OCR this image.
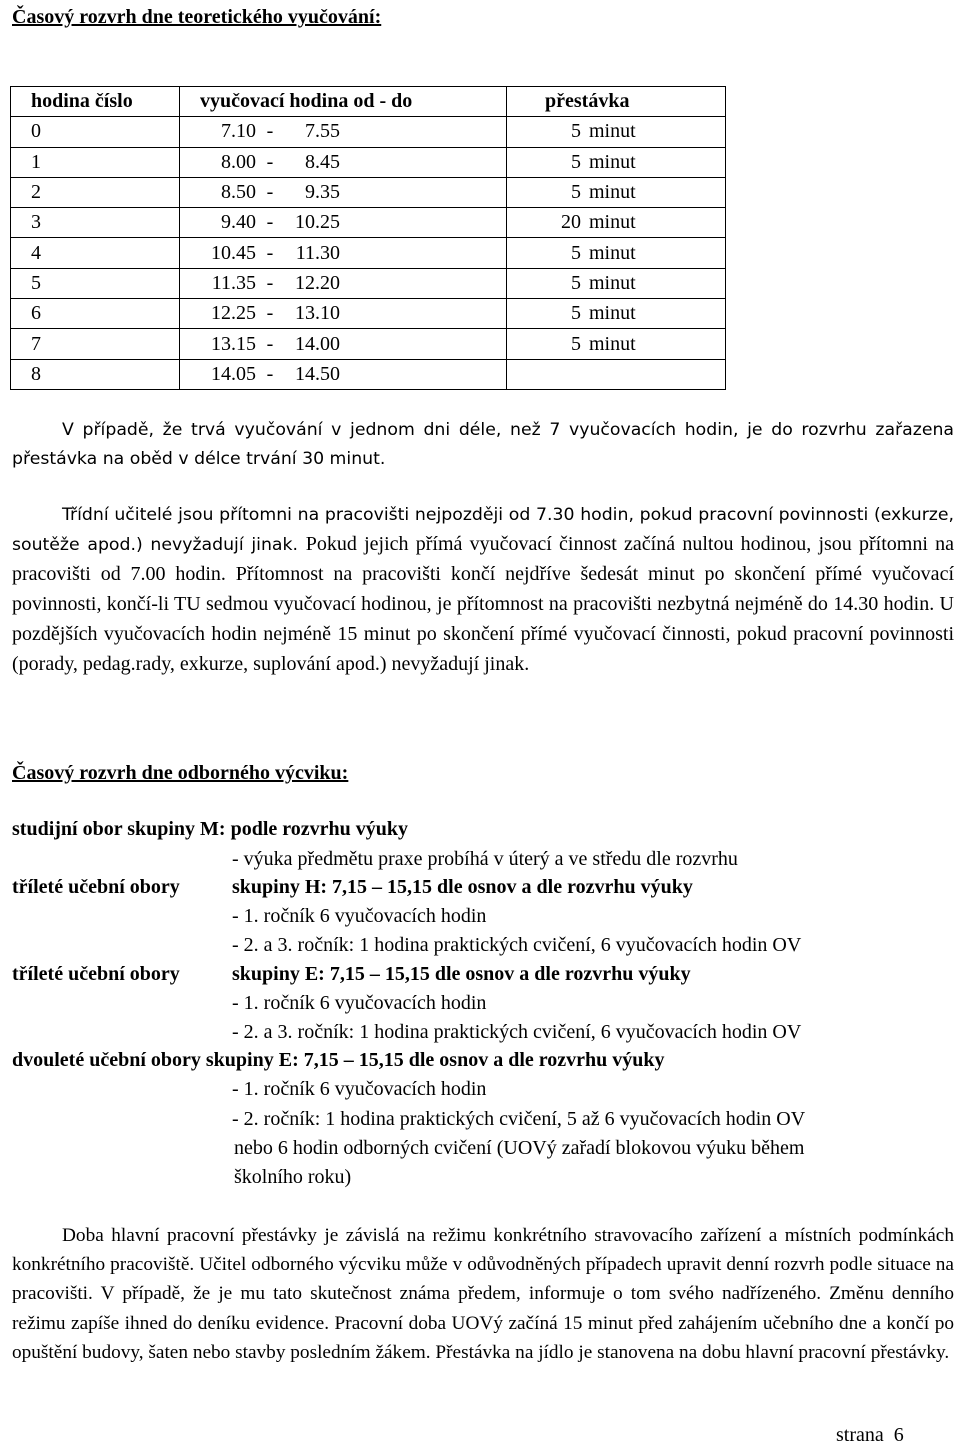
Časový rozvrh dne teoretického vyučování:
hodina číslo	vyučovací hodina od - do	přestávka
0	7.10 - 7.55	5 minut
1	8.00 - 8.45	5 minut
2	8.50 - 9.35	5 minut
3	9.40 - 10.25	20 minut
4	10.45 - 11.30	5 minut
5	11.35 - 12.20	5 minut
6	12.25 - 13.10	5 minut
7	13.15 - 14.00	5 minut
8	14.05 - 14.50	

V případě, že trvá vyučování v jednom dni déle, než 7 vyučovacích hodin, je do rozvrhu zařazena přestávka na oběd v délce trvání 30 minut.

Třídní učitelé jsou přítomni na pracovišti nejpozději od 7.30 hodin, pokud pracovní povinnosti (exkurze, soutěže apod.) nevyžadují jinak. Pokud jejich přímá vyučovací činnost začíná nultou hodinou, jsou přítomni na pracovišti od 7.00 hodin. Přítomnost na pracovišti končí nejdříve šedesát minut po skončení přímé vyučovací povinnosti, končí-li TU sedmou vyučovací hodinou, je přítomnost na pracovišti nezbytná nejméně do 14.30 hodin. U pozdějších vyučovacích hodin nejméně 15 minut po skončení přímé vyučovací činnosti, pokud pracovní povinnosti (porady, pedag.rady, exkurze, suplování apod.) nevyžadují jinak.

Časový rozvrh dne odborného výcviku:
studijní obor skupiny M: podle rozvrhu výuky
- výuka předmětu praxe probíhá v úterý a ve středu dle rozvrhu
tříleté učební obory	skupiny H: 7,15 – 15,15 dle osnov a dle rozvrhu výuky
- 1. ročník 6 vyučovacích hodin
- 2. a 3. ročník: 1 hodina praktických cvičení, 6 vyučovacích hodin OV
tříleté učební obory	skupiny E: 7,15 – 15,15 dle osnov a dle rozvrhu výuky
- 1. ročník 6 vyučovacích hodin
- 2. a 3. ročník: 1 hodina praktických cvičení, 6 vyučovacích hodin OV
dvouleté učební obory skupiny E: 7,15 – 15,15 dle osnov a dle rozvrhu výuky
- 1. ročník 6 vyučovacích hodin
- 2. ročník: 1 hodina praktických cvičení, 5 až 6 vyučovacích hodin OV
nebo 6 hodin odborných cvičení (UOVý zařadí blokovou výuku během
školního roku)

Doba hlavní pracovní přestávky je závislá na režimu konkrétního stravovacího zařízení a místních podmínkách konkrétního pracoviště. Učitel odborného výcviku může v odůvodněných případech upravit denní rozvrh podle situace na pracovišti. V případě, že je mu tato skutečnost známa předem, informuje o tom svého nadřízeného. Změnu denního režimu zapíše ihned do deníku evidence. Pracovní doba UOVý začíná 15 minut před zahájením učebního dne a končí po opuštění budovy, šaten nebo stavby posledním žákem. Přestávka na jídlo je stanovena na dobu hlavní pracovní přestávky.

strana 6
